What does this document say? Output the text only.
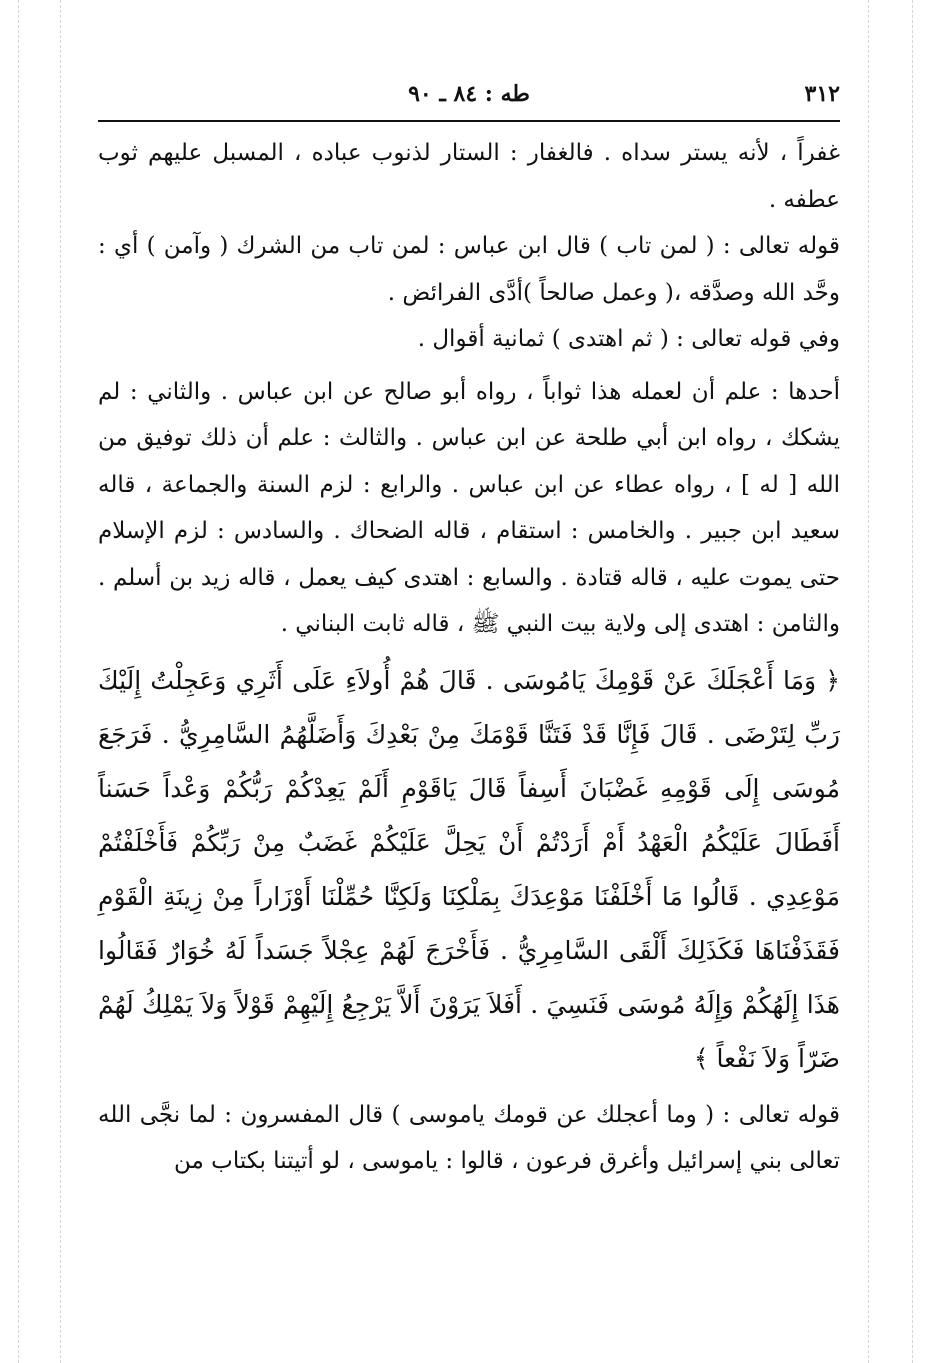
٣١٢
طه : ٨٤ ـ ٩٠

غفراً ، لأنه يستر سداه . فالغفار : الستار لذنوب عباده ، المسبل عليهم ثوب عطفه .

قوله تعالى : ( لمن تاب ) قال ابن عباس : لمن تاب من الشرك ( وآمن ) أي : وحَّد الله وصدَّقه ،( وعمل صالحاً )أدَّى الفرائض .

وفي قوله تعالى : ( ثم اهتدى ) ثمانية أقوال .

أحدها : علم أن لعمله هذا ثواباً ، رواه أبو صالح عن ابن عباس . والثاني : لم يشكك ، رواه ابن أبي طلحة عن ابن عباس . والثالث : علم أن ذلك توفيق من الله [ له ] ، رواه عطاء عن ابن عباس . والرابع : لزم السنة والجماعة ، قاله سعيد ابن جبير . والخامس : استقام ، قاله الضحاك . والسادس : لزم الإسلام حتى يموت عليه ، قاله قتادة . والسابع : اهتدى كيف يعمل ، قاله زيد بن أسلم . والثامن : اهتدى إلى ولاية بيت النبي ﷺ ، قاله ثابت البناني .

﴿ وَمَا أَعْجَلَكَ عَنْ قَوْمِكَ يَامُوسَى . قَالَ هُمْ أُولاَءِ عَلَى أَثَرِي وَعَجِلْتُ إِلَيْكَ رَبِّ لِتَرْضَى . قَالَ فَإِنَّا قَدْ فَتَنَّا قَوْمَكَ مِنْ بَعْدِكَ وَأَضَلَّهُمُ السَّامِرِيُّ . فَرَجَعَ مُوسَى إِلَى قَوْمِهِ غَضْبَانَ أَسِفاً قَالَ يَاقَوْمِ أَلَمْ يَعِدْكُمْ رَبُّكُمْ وَعْداً حَسَناً أَفَطَالَ عَلَيْكُمُ الْعَهْدُ أَمْ أَرَدْتُمْ أَنْ يَحِلَّ عَلَيْكُمْ غَضَبٌ مِنْ رَبِّكُمْ فَأَخْلَفْتُمْ مَوْعِدِي . قَالُوا مَا أَخْلَفْنَا مَوْعِدَكَ بِمَلْكِنَا وَلَكِنَّا حُمِّلْنَا أَوْزَاراً مِنْ زِينَةِ الْقَوْمِ فَقَذَفْنَاهَا فَكَذَلِكَ أَلْقَى السَّامِرِيُّ . فَأَخْرَجَ لَهُمْ عِجْلاً جَسَداً لَهُ خُوَارٌ فَقَالُوا هَذَا إِلَهُكُمْ وَإِلَهُ مُوسَى فَنَسِيَ . أَفَلاَ يَرَوْنَ أَلاَّ يَرْجِعُ إِلَيْهِمْ قَوْلاً وَلاَ يَمْلِكُ لَهُمْ ضَرّاً وَلاَ نَفْعاً ﴾

قوله تعالى : ( وما أعجلك عن قومك ياموسى ) قال المفسرون : لما نجَّى الله تعالى بني إسرائيل وأغرق فرعون ، قالوا : ياموسى ، لو أتيتنا بكتاب من
